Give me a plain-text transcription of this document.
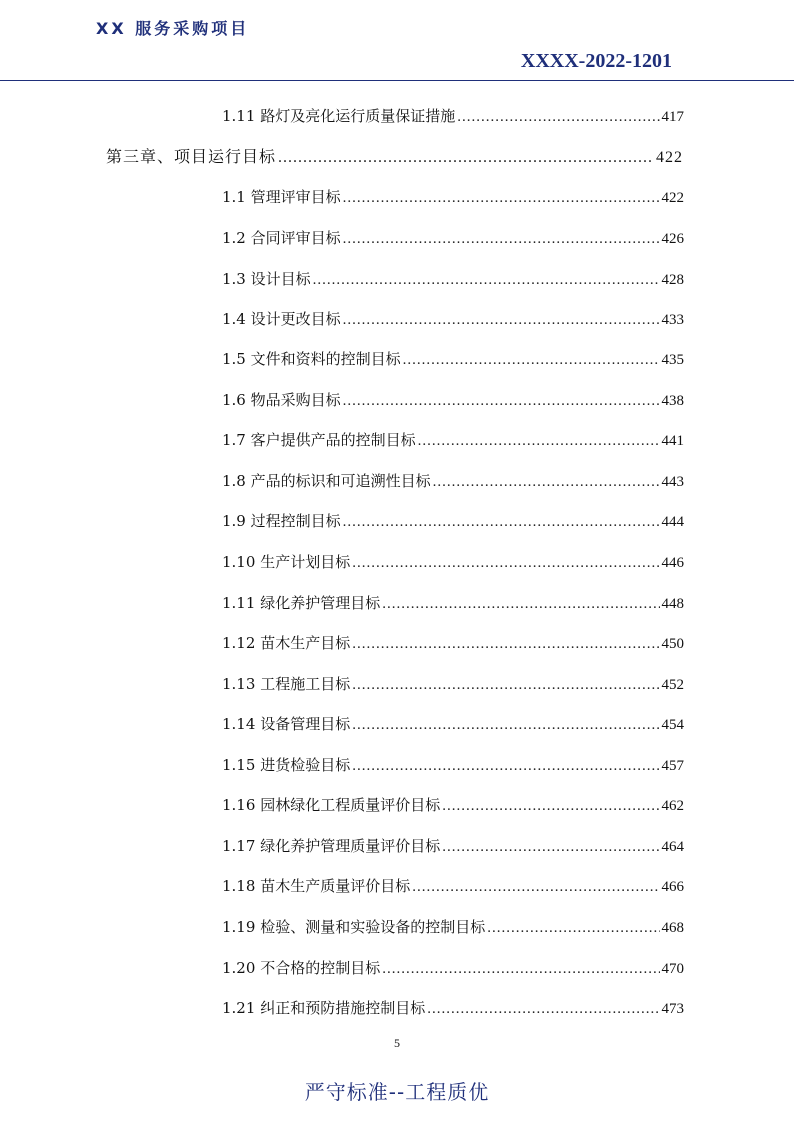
XX 服务采购项目
XXXX-2022-1201
1.11 路灯及亮化运行质量保证措施 .....	417
第三章、项目运行目标 .....	422
1.1 管理评审目标 .....	422
1.2 合同评审目标 .....	426
1.3 设计目标 .....	428
1.4 设计更改目标 .....	433
1.5 文件和资料的控制目标 .....	435
1.6 物品采购目标 .....	438
1.7 客户提供产品的控制目标 .....	441
1.8 产品的标识和可追溯性目标 .....	443
1.9 过程控制目标 .....	444
1.10 生产计划目标 .....	446
1.11 绿化养护管理目标 .....	448
1.12 苗木生产目标 .....	450
1.13 工程施工目标 .....	452
1.14 设备管理目标 .....	454
1.15 进货检验目标 .....	457
1.16 园林绿化工程质量评价目标 .....	462
1.17 绿化养护管理质量评价目标 .....	464
1.18 苗木生产质量评价目标 .....	466
1.19 检验、测量和实验设备的控制目标 .....	468
1.20 不合格的控制目标 .....	470
1.21 纠正和预防措施控制目标 .....	473
5
严守标准--工程质优
